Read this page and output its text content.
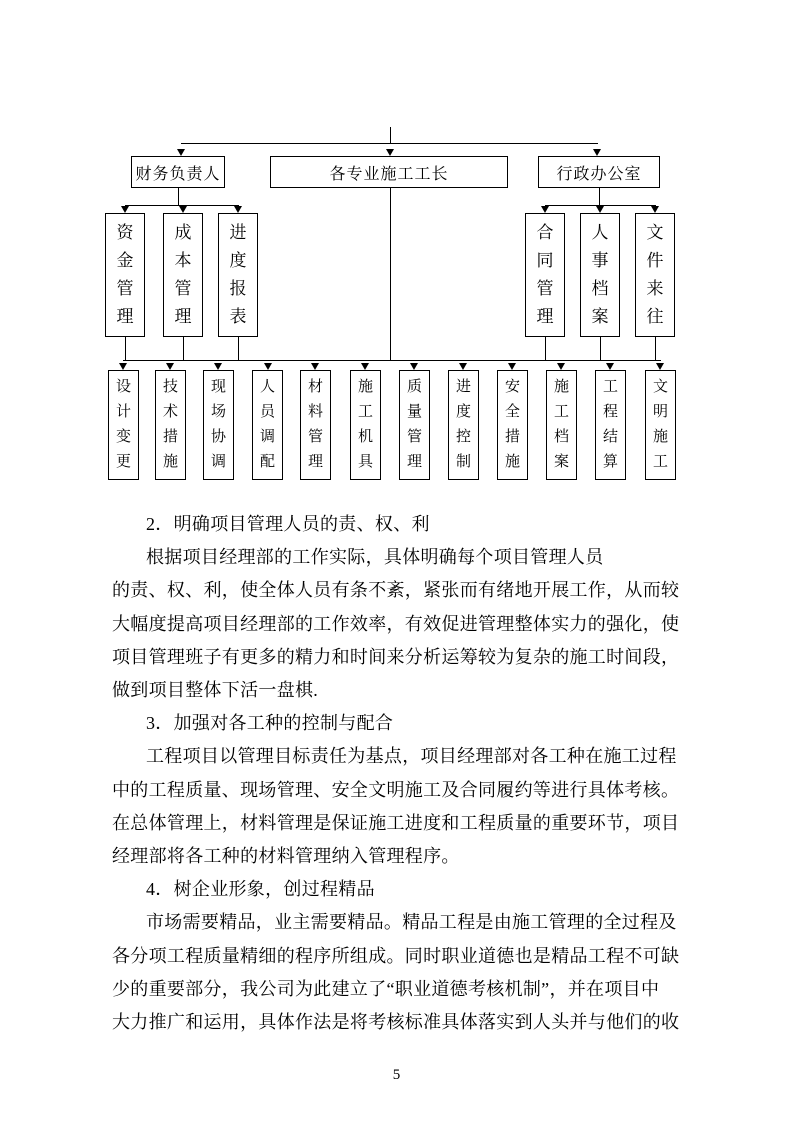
财务负责人	各专业施工工长	行政办公室
资金管理
成本管理
进度报表
合同管理
人事档案
文件来往
设计变更
技术措施
现场协调
人员调配
材料管理
施工机具
质量管理
进度控制
安全措施
施工档案
工程结算
文明施工
2．明确项目管理人员的责、权、利
根据项目经理部的工作实际，具体明确每个项目管理人员
的责、权、利，使全体人员有条不紊，紧张而有绪地开展工作，从而较
大幅度提高项目经理部的工作效率，有效促进管理整体实力的强化，使
项目管理班子有更多的精力和时间来分析运筹较为复杂的施工时间段，
做到项目整体下活一盘棋.
3．加强对各工种的控制与配合
工程项目以管理目标责任为基点，项目经理部对各工种在施工过程
中的工程质量、现场管理、安全文明施工及合同履约等进行具体考核。
在总体管理上，材料管理是保证施工进度和工程质量的重要环节，项目
经理部将各工种的材料管理纳入管理程序。
4．树企业形象，创过程精品
市场需要精品，业主需要精品。精品工程是由施工管理的全过程及
各分项工程质量精细的程序所组成。同时职业道德也是精品工程不可缺
少的重要部分，我公司为此建立了“职业道德考核机制”，并在项目中
大力推广和运用，具体作法是将考核标准具体落实到人头并与他们的收
5
